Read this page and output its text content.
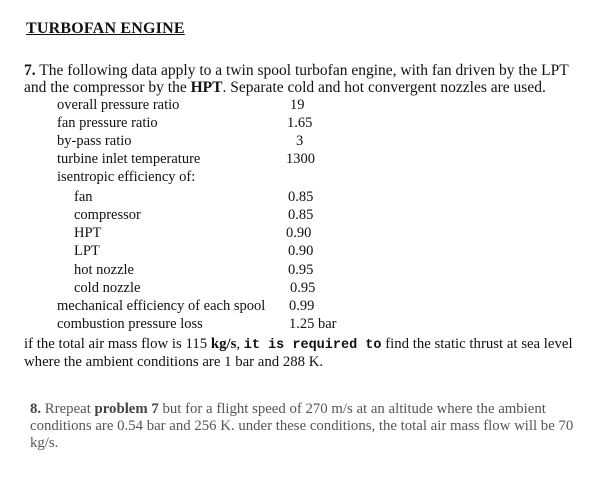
TURBOFAN ENGINE
7. The following data apply to a twin spool turbofan engine, with fan driven by the LPT
and the compressor by the HPT. Separate cold and hot convergent nozzles are used.
overall pressure ratio	19
fan pressure ratio	1.65
by-pass ratio	3
turbine inlet temperature	1300
isentropic efficiency of:
fan	0.85
compressor	0.85
HPT	0.90
LPT	0.90
hot nozzle	0.95
cold nozzle	0.95
mechanical efficiency of each spool 0.99
combustion pressure loss	1.25 bar
if the total air mass flow is 115 kg/s, it is required to find the static thrust at sea level
where the ambient conditions are 1 bar and 288 K.
8. Rrepeat problem 7 but for a flight speed of 270 m/s at an altitude where the ambient conditions are 0.54 bar and 256 K. under these conditions, the total air mass flow will be 70 kg/s.
